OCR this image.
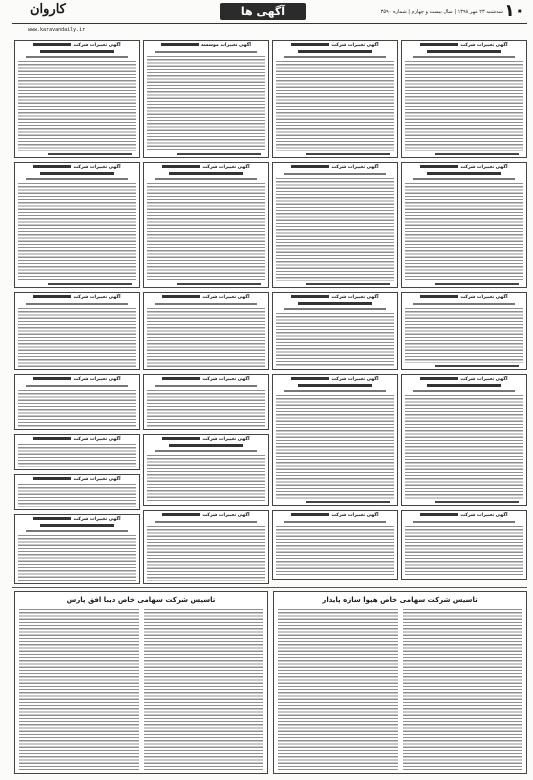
۱۰
سه‌شنبه ۲۳ مهر ۱۳۹۸ | سال بیست و چهارم | شماره ۳۵۹۰
آگهی ها
کاروان
www.karavandaily.ir
آگهی تغییرات شرکت
آگهی تغییرات شرکت
آگهی تغییرات شرکت
آگهی تغییرات شرکت
آگهی تغییرات شرکت
آگهی تغییرات شرکت
آگهی تغییرات شرکت
آگهی تغییرات شرکت
آگهی تغییرات شرکت
آگهی تغییرات شرکت
آگهی تغییرات موسسه
آگهی تغییرات شرکت
آگهی تغییرات شرکت
آگهی تغییرات شرکت
آگهی تغییرات شرکت
آگهی تغییرات شرکت
آگهی تغییرات شرکت
آگهی تغییرات شرکت
آگهی تغییرات شرکت
آگهی تغییرات شرکت
آگهی تغییرات شرکت
آگهی تغییرات شرکت
آگهی تغییرات شرکت
تاسیس شرکت سهامی خاص هیوا سازه پایدار
تاسیس شرکت سهامی خاص دیبا افق پارس
